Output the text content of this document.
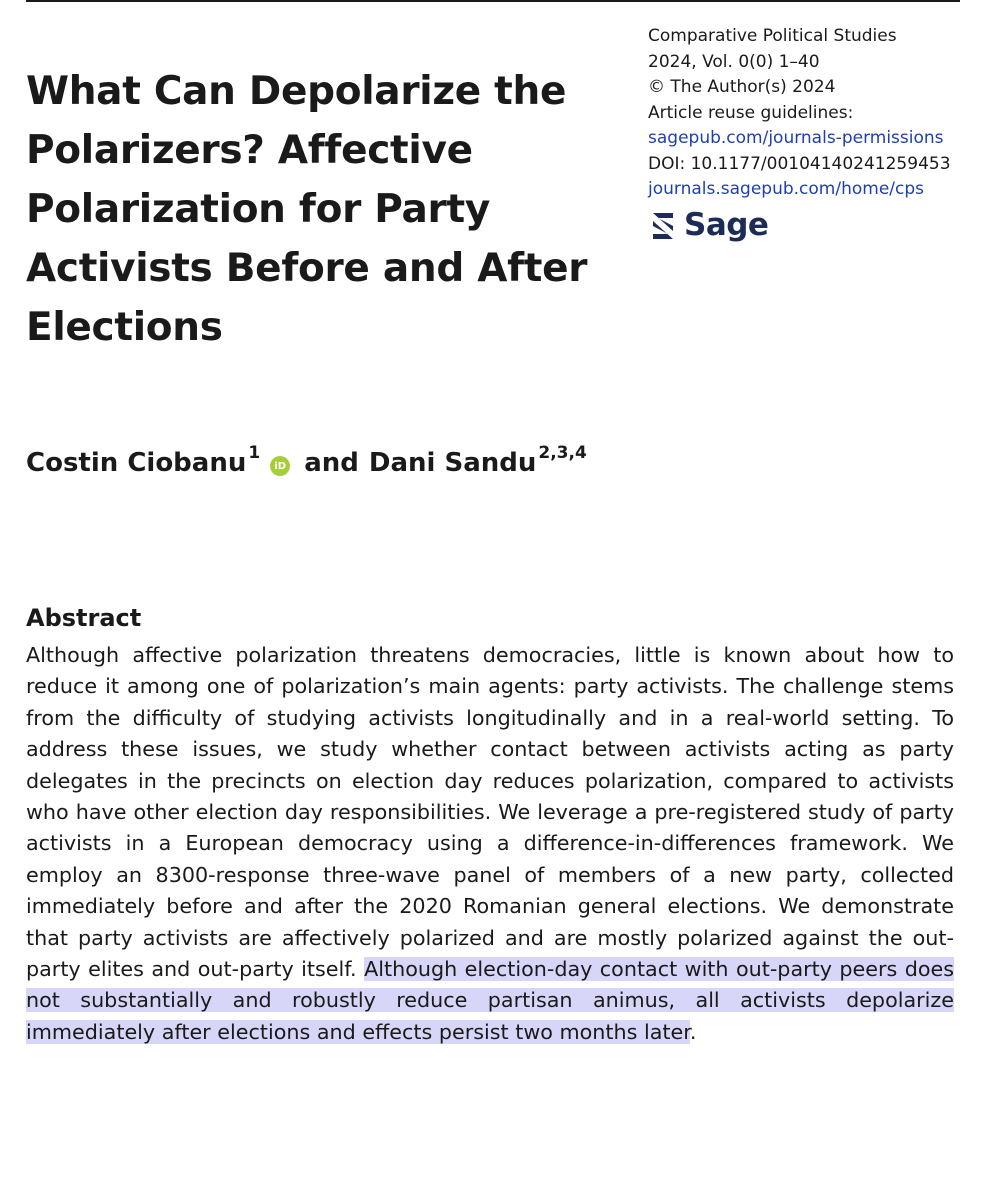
What Can Depolarize the Polarizers? Affective Polarization for Party Activists Before and After Elections
Comparative Political Studies
2024, Vol. 0(0) 1–40
© The Author(s) 2024
Article reuse guidelines:
sagepub.com/journals-permissions
DOI: 10.1177/00104140241259453
journals.sagepub.com/home/cps
Sage
Costin Ciobanu$^1$
iD and Dani Sandu$^{2,3,4}$
Abstract

Although affective polarization threatens democracies, little is known about how to reduce it among one of polarization’s main agents: party activists. The challenge stems from the difficulty of studying activists longitudinally and in a real-world setting. To address these issues, we study whether contact between activists acting as party delegates in the precincts on election day reduces polarization, compared to activists who have other election day responsibilities. We leverage a pre-registered study of party activists in a European democracy using a difference-in-differences framework. We employ an 8300-response three-wave panel of members of a new party, collected immediately before and after the 2020 Romanian general elections. We demonstrate that party activists are affectively polarized and are mostly polarized against the out-party elites and out-party itself. Although election-day contact with out-party peers does not substantially and robustly reduce partisan animus, all activists depolarize immediately after elections and effects persist two months later.
